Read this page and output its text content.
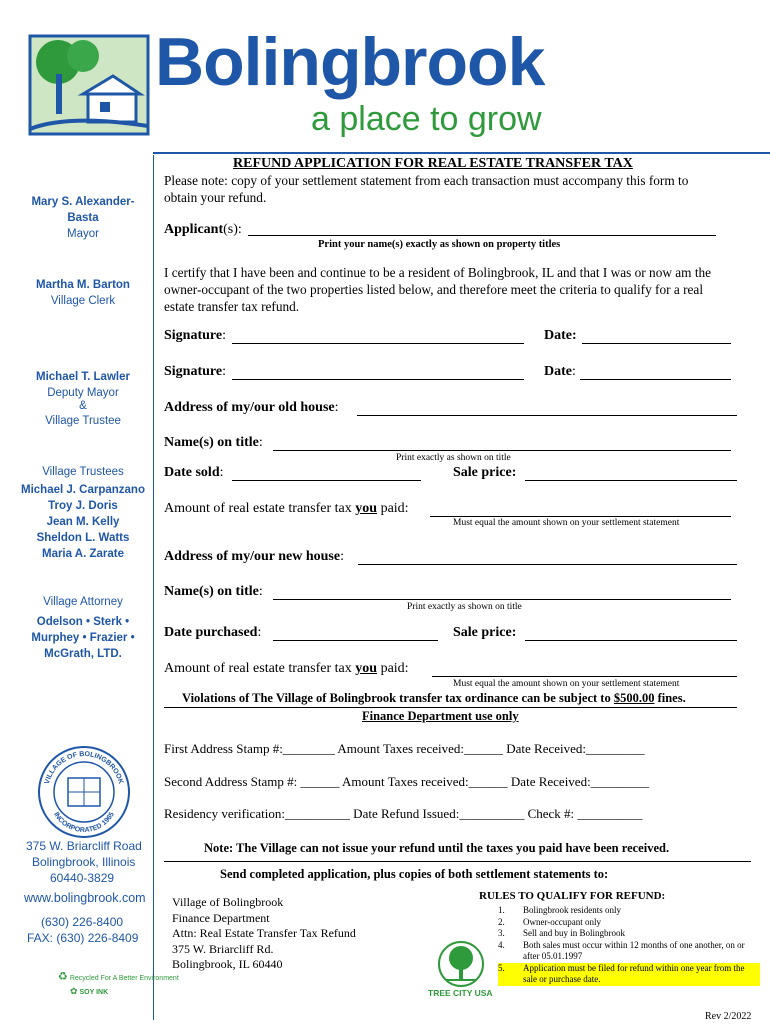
Bolingbrook
a place to grow
Mary S. Alexander-Basta
Mayor
Martha M. Barton
Village Clerk
Michael T. Lawler
Deputy Mayor
&
Village Trustee
Village Trustees
Michael J. Carpanzano
Troy J. Doris
Jean M. Kelly
Sheldon L. Watts
Maria A. Zarate
Village Attorney
Odelson • Sterk •
Murphey • Frazier •
McGrath, LTD.
VILLAGE OF BOLINGBROOK
INCORPORATED 1965
375 W. Briarcliff Road
Bolingbrook, Illinois
60440-3829
www.bolingbrook.com
(630) 226-8400
FAX: (630) 226-8409
♻ Recycled For A Better Environment
✿ SOY INK
REFUND APPLICATION FOR REAL ESTATE TRANSFER TAX
Please note: copy of your settlement statement from each transaction must accompany this form to obtain your refund.
Applicant(s):
Print your name(s) exactly as shown on property titles
I certify that I have been and continue to be a resident of Bolingbrook, IL and that I was or now am the owner-occupant of the two properties listed below, and therefore meet the criteria to qualify for a real estate transfer tax refund.
Signature:	Date:
Signature:	Date:
Address of my/our old house:
Name(s) on title:
Print exactly as shown on title
Date sold:	Sale price:
Amount of real estate transfer tax you paid:
Must equal the amount shown on your settlement statement
Address of my/our new house:
Name(s) on title:
Print exactly as shown on title
Date purchased:	Sale price:
Amount of real estate transfer tax you paid:
Must equal the amount shown on your settlement statement
Violations of The Village of Bolingbrook transfer tax ordinance can be subject to $500.00 fines.
Finance Department use only
First Address Stamp #:________ Amount Taxes received:______ Date Received:_________
Second Address Stamp #: ______ Amount Taxes received:______ Date Received:_________
Residency verification:__________ Date Refund Issued:__________ Check #: __________
Note: The Village can not issue your refund until the taxes you paid have been received.
Send completed application, plus copies of both settlement statements to:
Village of Bolingbrook
Finance Department
Attn: Real Estate Transfer Tax Refund
375 W. Briarcliff Rd.
Bolingbrook, IL 60440
RULES TO QUALIFY FOR REFUND:
1.	Bolingbrook residents only
2.	Owner-occupant only
3.	Sell and buy in Bolingbrook
4.	Both sales must occur within 12 months of one another, on or after 05.01.1997
5.	Application must be filed for refund within one year from the sale or purchase date.
TREE CITY USA
Rev 2/2022
